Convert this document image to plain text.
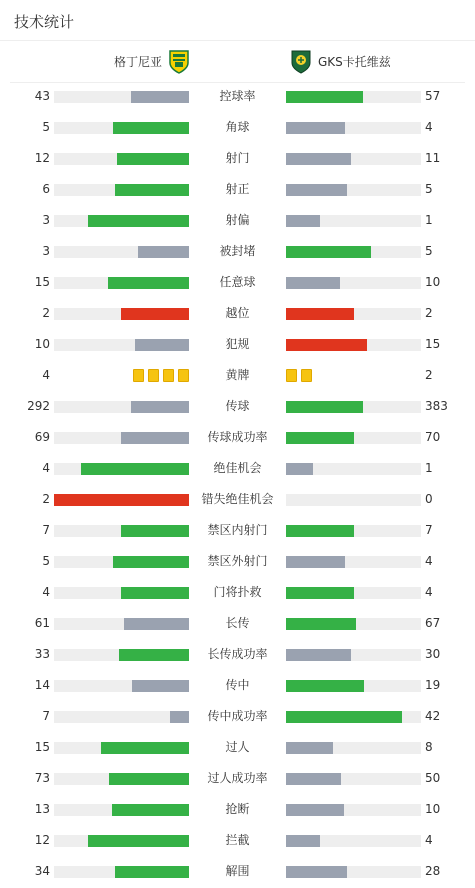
技术统计
格丁尼亚	GKS卡托维兹
43	控球率	57
5	角球	4
12	射门	11
6	射正	5
3	射偏	1
3	被封堵	5
15	任意球	10
2	越位	2
10	犯规	15
4	黄牌	2
292	传球	383
69	传球成功率	70
4	绝佳机会	1
2	错失绝佳机会	0
7	禁区内射门	7
5	禁区外射门	4
4	门将扑救	4
61	长传	67
33	长传成功率	30
14	传中	19
7	传中成功率	42
15	过人	8
73	过人成功率	50
13	抢断	10
12	拦截	4
34	解围	28
